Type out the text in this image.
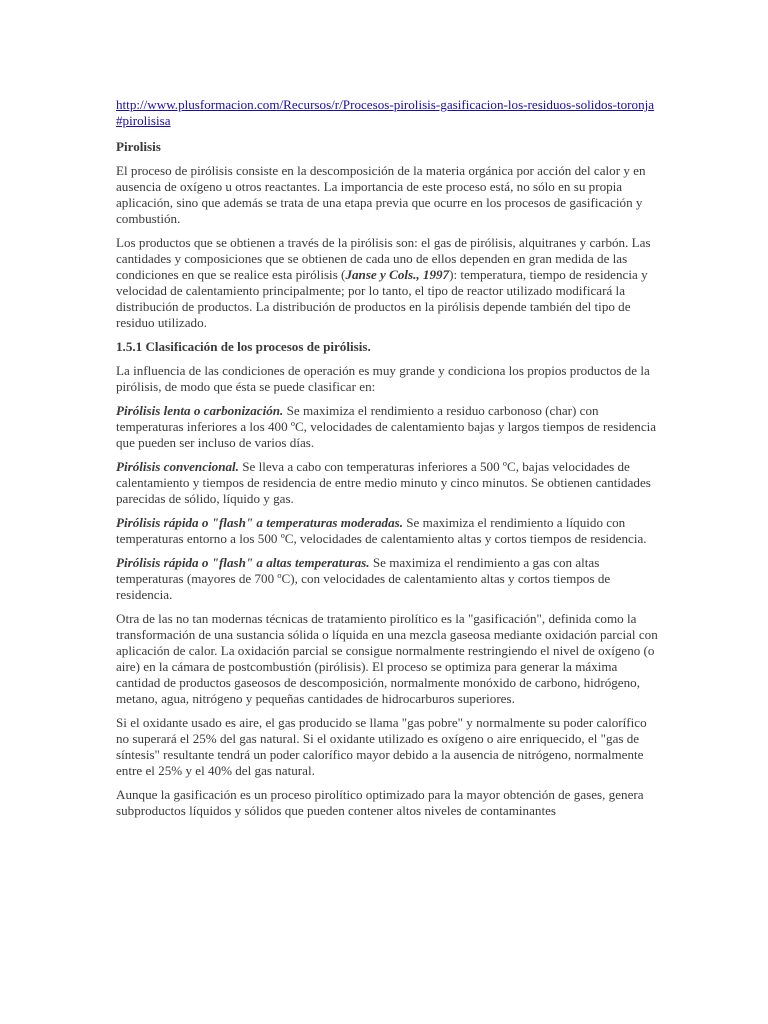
http://www.plusformacion.com/Recursos/r/Procesos-pirolisis-gasificacion-los-residuos-solidos-toronja#pirolisisa

Pirolisis

El proceso de pirólisis consiste en la descomposición de la materia orgánica por acción del calor y en ausencia de oxígeno u otros reactantes. La importancia de este proceso está, no sólo en su propia aplicación, sino que además se trata de una etapa previa que ocurre en los procesos de gasificación y combustión.

Los productos que se obtienen a través de la pirólisis son: el gas de pirólisis, alquitranes y carbón. Las cantidades y composiciones que se obtienen de cada uno de ellos dependen en gran medida de las condiciones en que se realice esta pirólisis (Janse y Cols., 1997): temperatura, tiempo de residencia y velocidad de calentamiento principalmente; por lo tanto, el tipo de reactor utilizado modificará la distribución de productos. La distribución de productos en la pirólisis depende también del tipo de residuo utilizado.

1.5.1 Clasificación de los procesos de pirólisis.

La influencia de las condiciones de operación es muy grande y condiciona los propios productos de la pirólisis, de modo que ésta se puede clasificar en:

Pirólisis lenta o carbonización. Se maximiza el rendimiento a residuo carbonoso (char) con temperaturas inferiores a los 400 ºC, velocidades de calentamiento bajas y largos tiempos de residencia que pueden ser incluso de varios días.

Pirólisis convencional. Se lleva a cabo con temperaturas inferiores a 500 ºC, bajas velocidades de calentamiento y tiempos de residencia de entre medio minuto y cinco minutos. Se obtienen cantidades parecidas de sólido, líquido y gas.

Pirólisis rápida o "flash" a temperaturas moderadas. Se maximiza el rendimiento a líquido con temperaturas entorno a los 500 ºC, velocidades de calentamiento altas y cortos tiempos de residencia.

Pirólisis rápida o "flash" a altas temperaturas. Se maximiza el rendimiento a gas con altas temperaturas (mayores de 700 ºC), con velocidades de calentamiento altas y cortos tiempos de residencia.

Otra de las no tan modernas técnicas de tratamiento pirolítico es la "gasificación", definida como la transformación de una sustancia sólida o líquida en una mezcla gaseosa mediante oxidación parcial con aplicación de calor. La oxidación parcial se consigue normalmente restringiendo el nivel de oxígeno (o aire) en la cámara de postcombustión (pirólisis). El proceso se optimiza para generar la máxima cantidad de productos gaseosos de descomposición, normalmente monóxido de carbono, hidrógeno, metano, agua, nitrógeno y pequeñas cantidades de hidrocarburos superiores.

Si el oxidante usado es aire, el gas producido se llama "gas pobre" y normalmente su poder calorífico no superará el 25% del gas natural. Si el oxidante utilizado es oxígeno o aire enriquecido, el "gas de síntesis" resultante tendrá un poder calorífico mayor debido a la ausencia de nitrógeno, normalmente entre el 25% y el 40% del gas natural.

Aunque la gasificación es un proceso pirolítico optimizado para la mayor obtención de gases, genera subproductos líquidos y sólidos que pueden contener altos niveles de contaminantes
